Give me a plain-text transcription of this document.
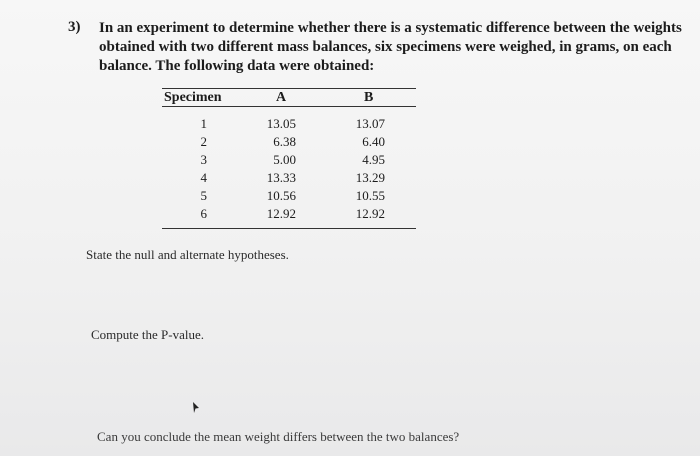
3) In an experiment to determine whether there is a systematic difference between the weights
obtained with two different mass balances, six specimens were weighed, in grams, on each
balance. The following data were obtained:
Specimen	A	B
1	13.05	13.07
2	6.38	6.40
3	5.00	4.95
4	13.33	13.29
5	10.56	10.55
6	12.92	12.92
State the null and alternate hypotheses.
Compute the P-value.
Can you conclude the mean weight differs between the two balances?
